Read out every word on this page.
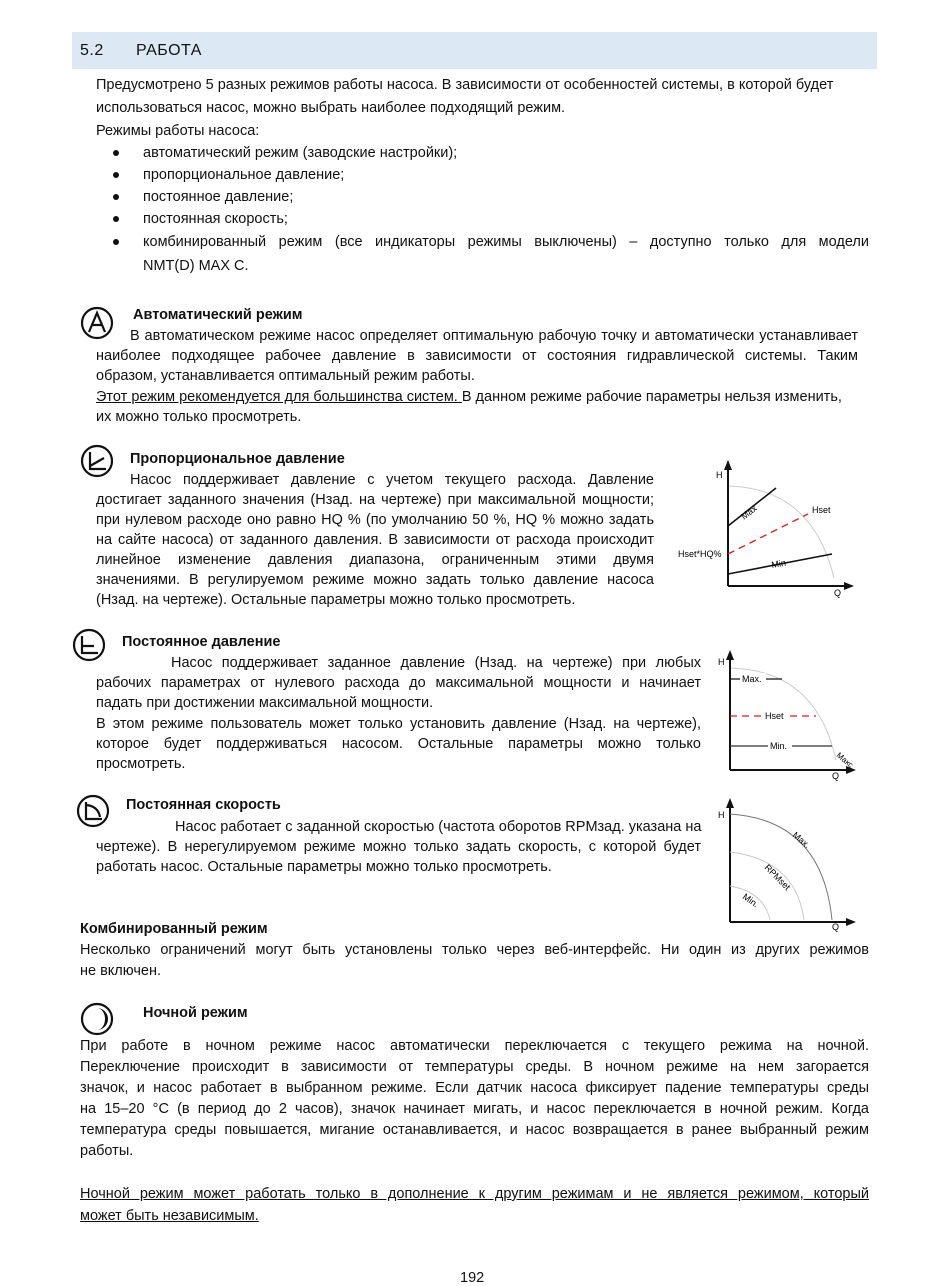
5.2	РАБОТА

Предусмотрено 5 разных режимов работы насоса. В зависимости от особенностей системы, в которой будет

использоваться насос, можно выбрать наиболее подходящий режим.

Режимы работы насоса:

автоматический режим (заводские настройки);

пропорциональное давление;

постоянное давление;

постоянная скорость;

комбинированный режим (все индикаторы режимы выключены) – доступно только для модели

NMT(D) MAX C.

Автоматический режим

В автоматическом режиме насос определяет оптимальную рабочую точку и автоматически устанавливает

наиболее подходящее рабочее давление в зависимости от состояния гидравлической системы. Таким

образом, устанавливается оптимальный режим работы.

Этот режим рекомендуется для большинства систем. В данном режиме рабочие параметры нельзя изменить,

их можно только просмотреть.

Пропорциональное давление

Насос поддерживает давление с учетом текущего расхода. Давление

достигает заданного значения (Нзад. на чертеже) при максимальной мощности;

при нулевом расходе оно равно HQ % (по умолчанию 50 %, HQ % можно задать

на сайте насоса) от заданного давления. В зависимости от расхода происходит

линейное изменение давления диапазона, ограниченным этими двумя

значениями. В регулируемом режиме можно задать только давление насоса

(Нзад. на чертеже). Остальные параметры можно только просмотреть.

H
Q
Hset
Hset*HQ%
Max
Min

Постоянное давление

Насос поддерживает заданное давление (Нзад. на чертеже) при любых

рабочих параметрах от нулевого расхода до максимальной мощности и начинает

падать при достижении максимальной мощности.

В этом режиме пользователь может только установить давление (Нзад. на чертеже),

которое будет поддерживаться насосом. Остальные параметры можно только

просмотреть.

H
Q
Max.
Hset
Min.
Макс

Постоянная скорость

Насос работает с заданной скоростью (частота оборотов RPMзад. указана на

чертеже). В нерегулируемом режиме можно только задать скорость, с которой будет

работать насос. Остальные параметры можно только просмотреть.

H
Q
Max.
RPMset
Min.

Комбинированный режим

Несколько ограничений могут быть установлены только через веб-интерфейс. Ни один из других режимов

не включен.

Ночной режим

При работе в ночном режиме насос автоматически переключается с текущего режима на ночной.

Переключение происходит в зависимости от температуры среды. В ночном режиме на нем загорается

значок, и насос работает в выбранном режиме. Если датчик насоса фиксирует падение температуры среды

на 15–20 °C (в период до 2 часов), значок начинает мигать, и насос переключается в ночной режим. Когда

температура среды повышается, мигание останавливается, и насос возвращается в ранее выбранный режим

работы.

Ночной режим может работать только в дополнение к другим режимам и не является режимом, который

может быть независимым.

192
